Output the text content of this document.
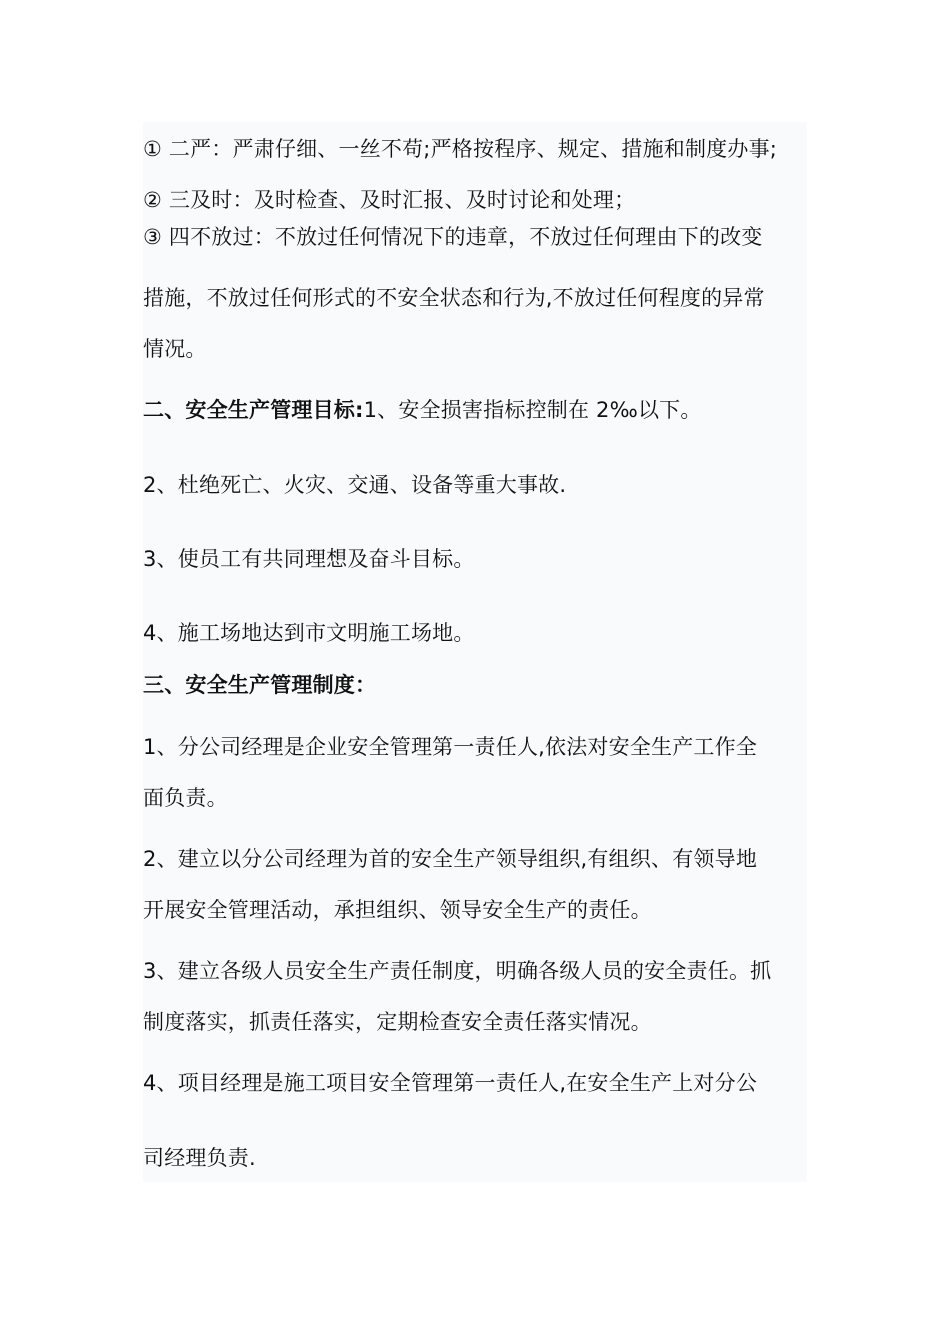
① 二严：严肃仔细、一丝不苟;严格按程序、规定、措施和制度办事;
② 三及时：及时检查、及时汇报、及时讨论和处理；
③ 四不放过：不放过任何情况下的违章，不放过任何理由下的改变
措施，不放过任何形式的不安全状态和行为,不放过任何程度的异常
情况。
二、安全生产管理目标:1、安全损害指标控制在 2‰以下。
2、杜绝死亡、火灾、交通、设备等重大事故.
3、使员工有共同理想及奋斗目标。
4、施工场地达到市文明施工场地。
三、安全生产管理制度：
1、分公司经理是企业安全管理第一责任人,依法对安全生产工作全
面负责。
2、建立以分公司经理为首的安全生产领导组织,有组织、有领导地
开展安全管理活动，承担组织、领导安全生产的责任。
3、建立各级人员安全生产责任制度，明确各级人员的安全责任。抓
制度落实，抓责任落实，定期检查安全责任落实情况。
4、项目经理是施工项目安全管理第一责任人,在安全生产上对分公
司经理负责.
